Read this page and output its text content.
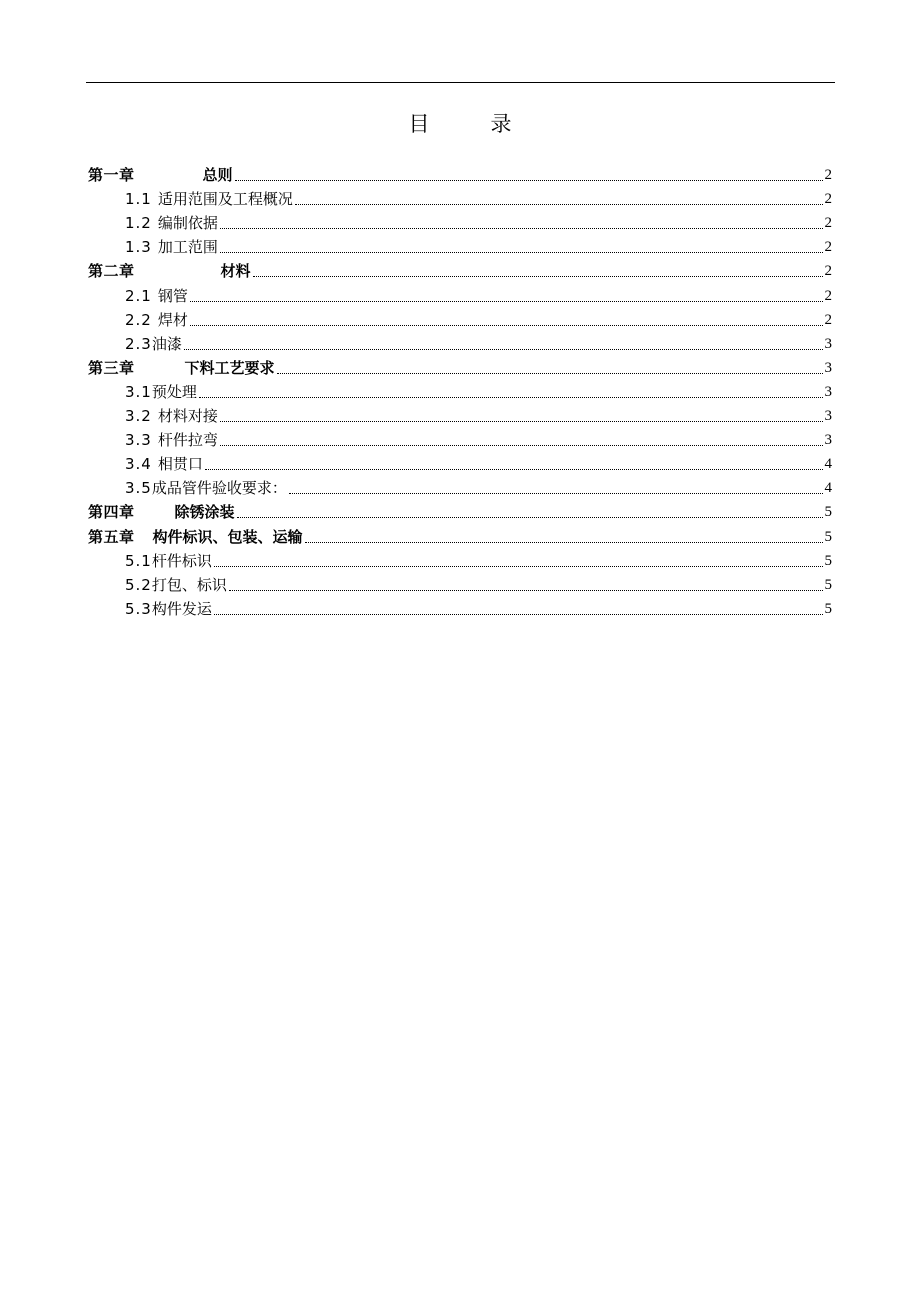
目　录
第一章	总则	2
1.1 适用范围及工程概况	2
1.2 编制依据	2
1.3 加工范围	2
第二章	材料	2
2.1 钢管	2
2.2 焊材	2
2.3 油漆	3
第三章	下料工艺要求	3
3.1 预处理	3
3.2 材料对接	3
3.3 杆件拉弯	3
3.4 相贯口	4
3.5 成品管件验收要求：	4
第四章	除锈涂装	5
第五章 构件标识、包装、运输	5
5.1 杆件标识	5
5.2 打包、标识	5
5.3 构件发运	5
